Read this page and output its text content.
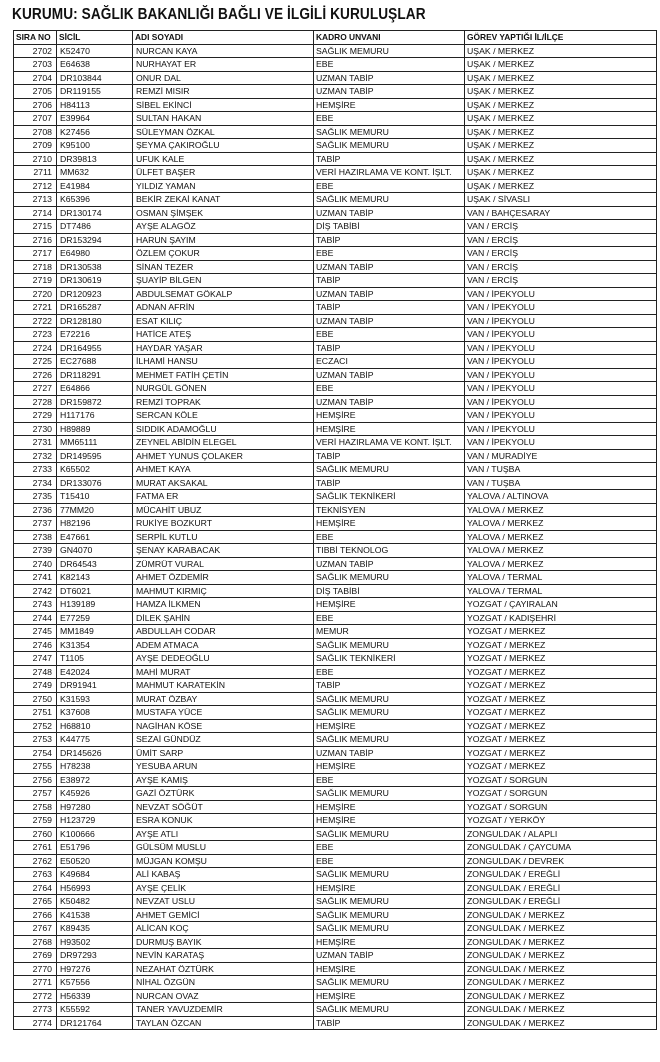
KURUMU: SAĞLIK BAKANLIĞI BAĞLI VE İLGİLİ KURULUŞLAR
SIRA NO	SİCİL	ADI SOYADI	KADRO UNVANI	GÖREV YAPTIĞI İL/İLÇE
2702	K52470	NURCAN KAYA	SAĞLIK MEMURU	UŞAK / MERKEZ
2703	E64638	NURHAYAT ER	EBE	UŞAK / MERKEZ
2704	DR103844	ONUR DAL	UZMAN TABİP	UŞAK / MERKEZ
2705	DR119155	REMZİ MISIR	UZMAN TABİP	UŞAK / MERKEZ
2706	H84113	SİBEL EKİNCİ	HEMŞİRE	UŞAK / MERKEZ
2707	E39964	SULTAN HAKAN	EBE	UŞAK / MERKEZ
2708	K27456	SÜLEYMAN ÖZKAL	SAĞLIK MEMURU	UŞAK / MERKEZ
2709	K95100	ŞEYMA ÇAKIROĞLU	SAĞLIK MEMURU	UŞAK / MERKEZ
2710	DR39813	UFUK KALE	TABİP	UŞAK / MERKEZ
2711	MM632	ÜLFET BAŞER	VERİ HAZIRLAMA VE KONT. İŞLT.	UŞAK / MERKEZ
2712	E41984	YILDIZ YAMAN	EBE	UŞAK / MERKEZ
2713	K65396	BEKİR ZEKAİ KANAT	SAĞLIK MEMURU	UŞAK / SİVASLI
2714	DR130174	OSMAN ŞİMŞEK	UZMAN TABİP	VAN / BAHÇESARAY
2715	DT7486	AYŞE ALAGÖZ	DİŞ TABİBİ	VAN / ERCİŞ
2716	DR153294	HARUN ŞAYIM	TABİP	VAN / ERCİŞ
2717	E64980	ÖZLEM ÇOKUR	EBE	VAN / ERCİŞ
2718	DR130538	SİNAN TEZER	UZMAN TABİP	VAN / ERCİŞ
2719	DR130619	ŞUAYİP BİLGEN	TABİP	VAN / ERCİŞ
2720	DR120923	ABDULSEMAT GÖKALP	UZMAN TABİP	VAN / İPEKYOLU
2721	DR165287	ADNAN AFRİN	TABİP	VAN / İPEKYOLU
2722	DR128180	ESAT KILIÇ	UZMAN TABİP	VAN / İPEKYOLU
2723	E72216	HATİCE ATEŞ	EBE	VAN / İPEKYOLU
2724	DR164955	HAYDAR YAŞAR	TABİP	VAN / İPEKYOLU
2725	EC27688	İLHAMİ HANSU	ECZACI	VAN / İPEKYOLU
2726	DR118291	MEHMET FATİH ÇETİN	UZMAN TABİP	VAN / İPEKYOLU
2727	E64866	NURGÜL GÖNEN	EBE	VAN / İPEKYOLU
2728	DR159872	REMZİ TOPRAK	UZMAN TABİP	VAN / İPEKYOLU
2729	H117176	SERCAN KÖLE	HEMŞİRE	VAN / İPEKYOLU
2730	H89889	SIDDIK ADAMOĞLU	HEMŞİRE	VAN / İPEKYOLU
2731	MM65111	ZEYNEL ABİDİN ELEGEL	VERİ HAZIRLAMA VE KONT. İŞLT.	VAN / İPEKYOLU
2732	DR149595	AHMET YUNUS ÇOLAKER	TABİP	VAN / MURADİYE
2733	K65502	AHMET KAYA	SAĞLIK MEMURU	VAN / TUŞBA
2734	DR133076	MURAT AKSAKAL	TABİP	VAN / TUŞBA
2735	T15410	FATMA ER	SAĞLIK TEKNİKERİ	YALOVA / ALTINOVA
2736	77MM20	MÜCAHİT UBUZ	TEKNİSYEN	YALOVA / MERKEZ
2737	H82196	RUKİYE BOZKURT	HEMŞİRE	YALOVA / MERKEZ
2738	E47661	SERPİL KUTLU	EBE	YALOVA / MERKEZ
2739	GN4070	ŞENAY KARABACAK	TIBBİ TEKNOLOG	YALOVA / MERKEZ
2740	DR64543	ZÜMRÜT VURAL	UZMAN TABİP	YALOVA / MERKEZ
2741	K82143	AHMET ÖZDEMİR	SAĞLIK MEMURU	YALOVA / TERMAL
2742	DT6021	MAHMUT KIRMIÇ	DİŞ TABİBİ	YALOVA / TERMAL
2743	H139189	HAMZA İLKMEN	HEMŞİRE	YOZGAT / ÇAYIRALAN
2744	E77259	DİLEK ŞAHİN	EBE	YOZGAT / KADIŞEHRİ
2745	MM1849	ABDULLAH CODAR	MEMUR	YOZGAT / MERKEZ
2746	K31354	ADEM ATMACA	SAĞLIK MEMURU	YOZGAT / MERKEZ
2747	T1105	AYŞE DEDEOĞLU	SAĞLIK TEKNİKERİ	YOZGAT / MERKEZ
2748	E42024	MAHİ MURAT	EBE	YOZGAT / MERKEZ
2749	DR91941	MAHMUT KARATEKİN	TABİP	YOZGAT / MERKEZ
2750	K31593	MURAT ÖZBAY	SAĞLIK MEMURU	YOZGAT / MERKEZ
2751	K37608	MUSTAFA YÜCE	SAĞLIK MEMURU	YOZGAT / MERKEZ
2752	H68810	NAGİHAN KÖSE	HEMŞİRE	YOZGAT / MERKEZ
2753	K44775	SEZAİ GÜNDÜZ	SAĞLIK MEMURU	YOZGAT / MERKEZ
2754	DR145626	ÜMİT SARP	UZMAN TABİP	YOZGAT / MERKEZ
2755	H78238	YESUBA ARUN	HEMŞİRE	YOZGAT / MERKEZ
2756	E38972	AYŞE KAMIŞ	EBE	YOZGAT / SORGUN
2757	K45926	GAZİ ÖZTÜRK	SAĞLIK MEMURU	YOZGAT / SORGUN
2758	H97280	NEVZAT SÖĞÜT	HEMŞİRE	YOZGAT / SORGUN
2759	H123729	ESRA KONUK	HEMŞİRE	YOZGAT / YERKÖY
2760	K100666	AYŞE ATLI	SAĞLIK MEMURU	ZONGULDAK / ALAPLI
2761	E51796	GÜLSÜM MUSLU	EBE	ZONGULDAK / ÇAYCUMA
2762	E50520	MÜJGAN KOMŞU	EBE	ZONGULDAK / DEVREK
2763	K49684	ALİ KABAŞ	SAĞLIK MEMURU	ZONGULDAK / EREĞLİ
2764	H56993	AYŞE ÇELİK	HEMŞİRE	ZONGULDAK / EREĞLİ
2765	K50482	NEVZAT USLU	SAĞLIK MEMURU	ZONGULDAK / EREĞLİ
2766	K41538	AHMET GEMİCİ	SAĞLIK MEMURU	ZONGULDAK / MERKEZ
2767	K89435	ALİCAN KOÇ	SAĞLIK MEMURU	ZONGULDAK / MERKEZ
2768	H93502	DURMUŞ BAYIK	HEMŞİRE	ZONGULDAK / MERKEZ
2769	DR97293	NEVİN KARATAŞ	UZMAN TABİP	ZONGULDAK / MERKEZ
2770	H97276	NEZAHAT ÖZTÜRK	HEMŞİRE	ZONGULDAK / MERKEZ
2771	K57556	NİHAL ÖZGÜN	SAĞLIK MEMURU	ZONGULDAK / MERKEZ
2772	H56339	NURCAN OVAZ	HEMŞİRE	ZONGULDAK / MERKEZ
2773	K55592	TANER YAVUZDEMİR	SAĞLIK MEMURU	ZONGULDAK / MERKEZ
2774	DR121764	TAYLAN ÖZCAN	TABİP	ZONGULDAK / MERKEZ
